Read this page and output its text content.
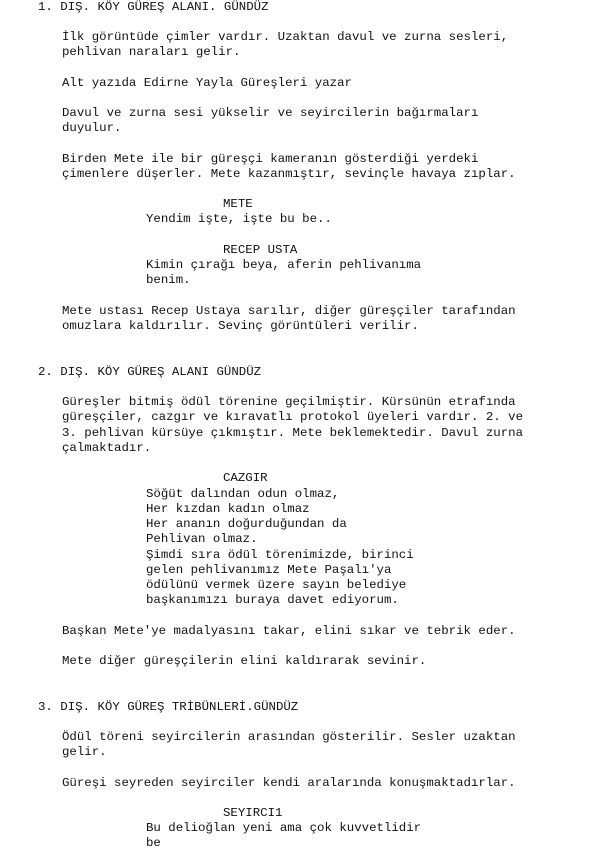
1. DIŞ. KÖY GÜREŞ ALANI. GÜNDÜZ
İlk görüntüde çimler vardır. Uzaktan davul ve zurna sesleri,
pehlivan naraları gelir.
Alt yazıda Edirne Yayla Güreşleri yazar
Davul ve zurna sesi yükselir ve seyircilerin bağırmaları
duyulur.
Birden Mete ile bir güreşçi kameranın gösterdiği yerdeki
çimenlere düşerler. Mete kazanmıştır, sevinçle havaya zıplar.
METE
Yendim işte, işte bu be..
RECEP USTA
Kimin çırağı beya, aferin pehlivanıma
benim.
Mete ustası Recep Ustaya sarılır, diğer güreşçiler tarafından
omuzlara kaldırılır. Sevinç görüntüleri verilir.
2. DIŞ. KÖY GÜREŞ ALANI GÜNDÜZ
Güreşler bitmiş ödül törenine geçilmiştir. Kürsünün etrafında
güreşçiler, cazgır ve kıravatlı protokol üyeleri vardır. 2. ve
3. pehlivan kürsüye çıkmıştır. Mete beklemektedir. Davul zurna
çalmaktadır.
CAZGIR
Söğüt dalından odun olmaz,
Her kızdan kadın olmaz
Her ananın doğurduğundan da
Pehlivan olmaz.
Şimdi sıra ödül törenimizde, birinci
gelen pehlivanımız Mete Paşalı'ya
ödülünü vermek üzere sayın belediye
başkanımızı buraya davet ediyorum.
Başkan Mete'ye madalyasını takar, elini sıkar ve tebrik eder.
Mete diğer güreşçilerin elini kaldırarak sevinir.
3. DIŞ. KÖY GÜREŞ TRİBÜNLERİ.GÜNDÜZ
Ödül töreni seyircilerin arasından gösterilir. Sesler uzaktan
gelir.
Güreşi seyreden seyirciler kendi aralarında konuşmaktadırlar.
SEYIRCI1
Bu delioğlan yeni ama çok kuvvetlidir
be
